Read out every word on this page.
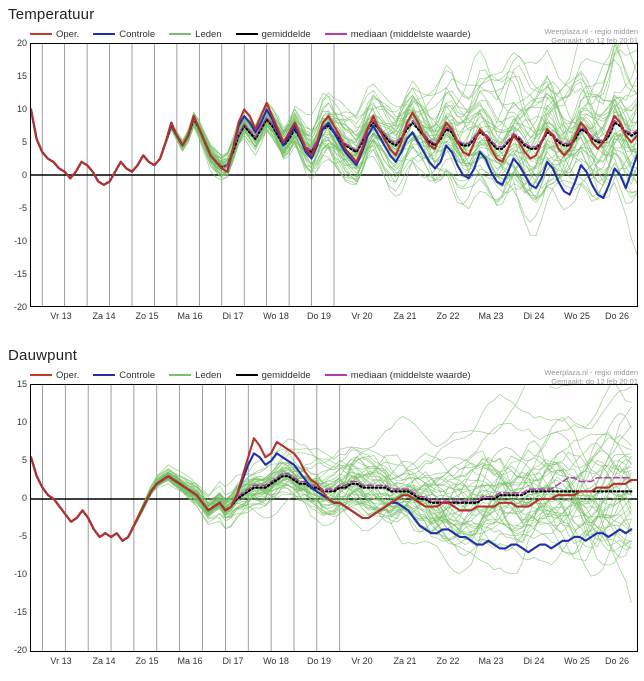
Temperatuur
Oper.	Controle	Leden	gemiddelde	mediaan (middelste waarde)	Weerplaza.nl - regio midden
Gemaakt: do 12 feb 20:01
20
15
10
5
0
-5
-10
-15
-20
Vr 13 Za 14 Zo 15 Ma 16 Di 17 Wo 18 Do 19 Vr 20 Za 21 Zo 22 Ma 23 Di 24 Wo 25 Do 26
Dauwpunt
Oper.	Controle	Leden	gemiddelde	mediaan (middelste waarde)	Weerplaza.nl - regio midden
Gemaakt: do 12 feb 20:01
15
10
5
0
-5
-10
-15
-20
Vr 13 Za 14 Zo 15 Ma 16 Di 17 Wo 18 Do 19 Vr 20 Za 21 Zo 22 Ma 23 Di 24 Wo 25 Do 26
